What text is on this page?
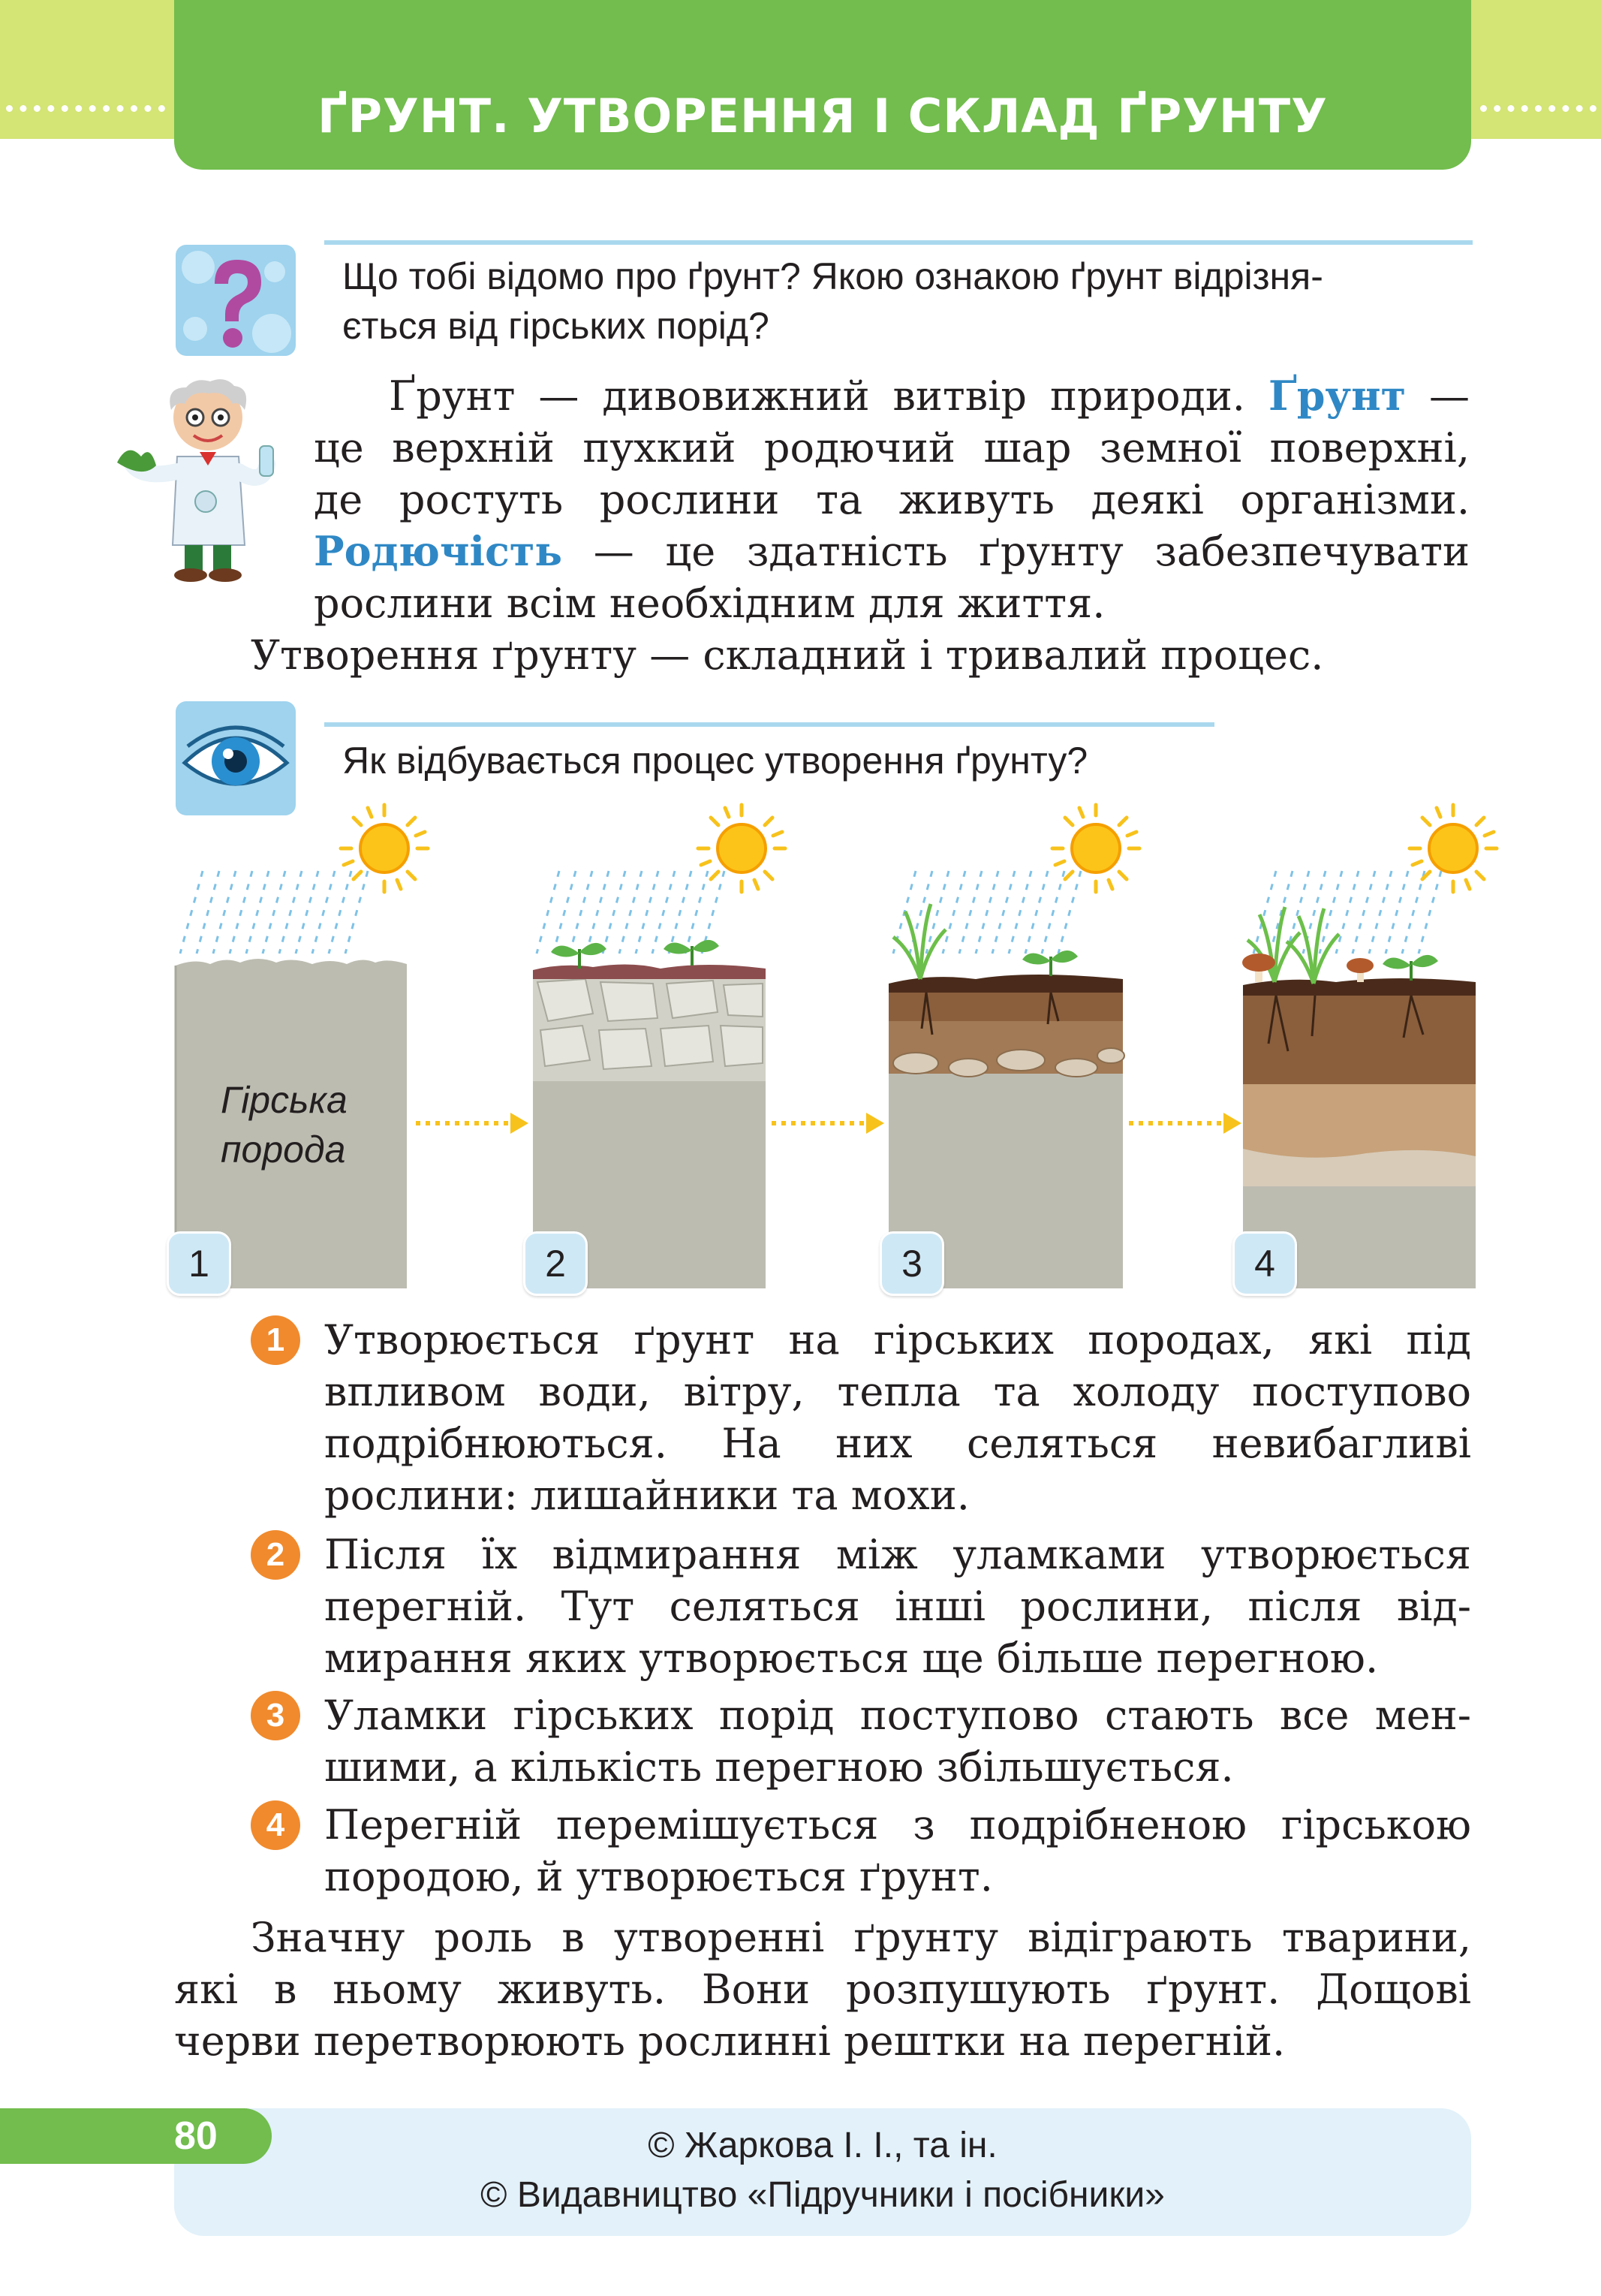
ҐРУНТ. УТВОРЕННЯ І СКЛАД ҐРУНТУ
Що тобі відомо про ґрунт? Якою ознакою ґрунт відрізня-
ється від гірських порід?
Ґрунт — дивовижний витвір природи. Ґрунт —
це верхній пухкий родючий шар земної поверхні,
де ростуть рослини та живуть деякі організми.
Родючість — це здатність ґрунту забезпечувати
рослини всім необхідним для життя.
Утворення ґрунту — складний і тривалий процес.
Як відбувається процес утворення ґрунту?
Гірська
порода
1	2	3	4
1 Утворюється ґрунт на гірських породах, які під
впливом води, вітру, тепла та холоду поступово
подрібнюються. На них селяться невибагливі
рослини: лишайники та мохи.
2 Після їх відмирання між уламками утворюється
перегній. Тут селяться інші рослини, після від-
мирання яких утворюється ще більше перегною.
3 Уламки гірських порід поступово стають все мен-
шими, а кількість перегною збільшується.
4 Перегній перемішується з подрібненою гірською
породою, й утворюється ґрунт.
Значну роль в утворенні ґрунту відіграють тварини,
які в ньому живуть. Вони розпушують ґрунт. Дощові
черви перетворюють рослинні рештки на перегній.
80	© Жаркова І. І., та ін.
© Видавництво «Підручники і посібники»
